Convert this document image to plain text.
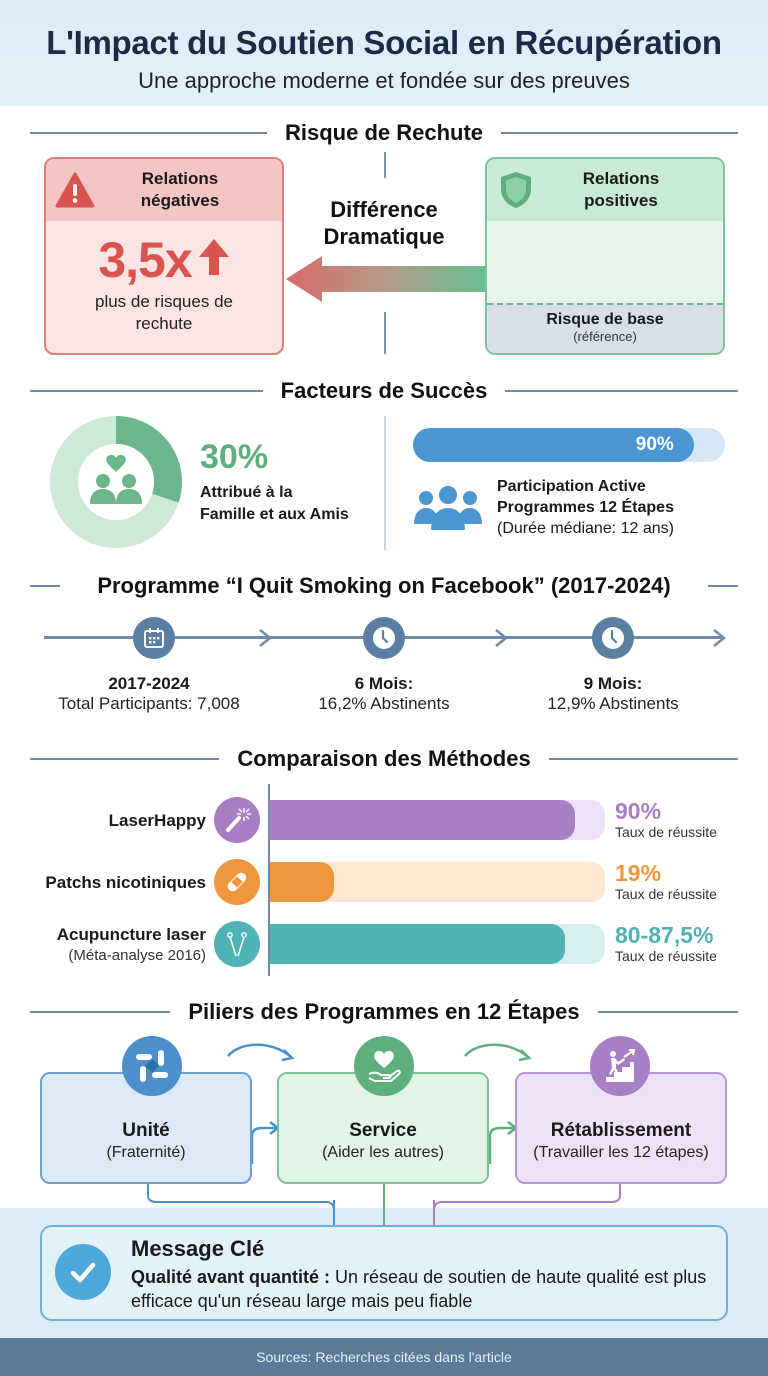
L'Impact du Soutien Social en Récupération
Une approche moderne et fondée sur des preuves
Risque de Rechute
Relations
négatives
3,5x
plus de risques de
rechute
Différence
Dramatique
Relations
positives
Risque de base
(référence)
Facteurs de Succès
30%
Attribué à la
Famille et aux Amis
90%
Participation Active
Programmes 12 Étapes
(Durée médiane: 12 ans)
Programme “I Quit Smoking on Facebook” (2017-2024)
2017-2024
Total Participants: 7,008
6 Mois:
16,2% Abstinents
9 Mois:
12,9% Abstinents
Comparaison des Méthodes
LaserHappy	90%
Taux de réussite
Patchs nicotiniques	19%
Taux de réussite
Acupuncture laser
(Méta-analyse 2016)
80-87,5%
Taux de réussite
Piliers des Programmes en 12 Étapes
Unité
(Fraternité)
Service
(Aider les autres)
Rétablissement
(Travailler les 12 étapes)
Message Clé
Qualité avant quantité : Un réseau de soutien de haute qualité est plus efficace qu'un réseau large mais peu fiable
Sources: Recherches citées dans l'article
